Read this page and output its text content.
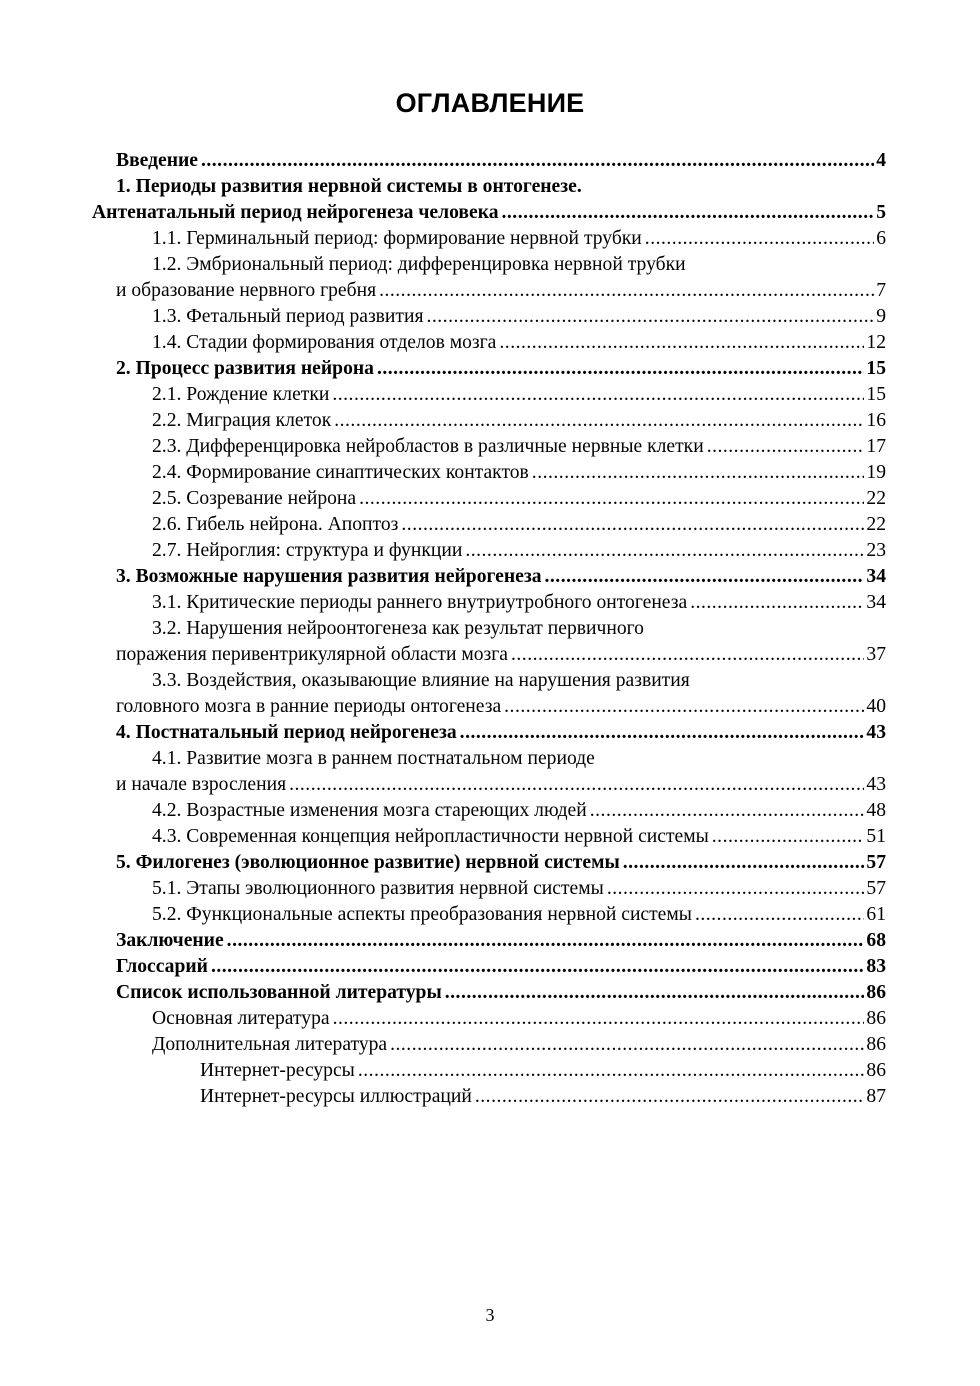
ОГЛАВЛЕНИЕ
Введение .....	4
1. Периоды развития нервной системы в онтогенезе.
Антенатальный период нейрогенеза человека .....	5
1.1. Герминальный период: формирование нервной трубки .....	6
1.2. Эмбриональный период: дифференцировка нервной трубки
и образование нервного гребня .....	7
1.3. Фетальный период развития .....	9
1.4. Стадии формирования отделов мозга .....	12
2. Процесс развития нейрона .....	15
2.1. Рождение клетки .....	15
2.2. Миграция клеток .....	16
2.3. Дифференцировка нейробластов в различные нервные клетки .....	17
2.4. Формирование синаптических контактов .....	19
2.5. Созревание нейрона .....	22
2.6. Гибель нейрона. Апоптоз .....	22
2.7. Нейроглия: структура и функции .....	23
3. Возможные нарушения развития нейрогенеза .....	34
3.1. Критические периоды раннего внутриутробного онтогенеза .....	34
3.2. Нарушения нейроонтогенеза как результат первичного
поражения перивентрикулярной области мозга .....	37
3.3. Воздействия, оказывающие влияние на нарушения развития
головного мозга в ранние периоды онтогенеза .....	40
4. Постнатальный период нейрогенеза .....	43
4.1. Развитие мозга в раннем постнатальном периоде
и начале взросления .....	43
4.2. Возрастные изменения мозга стареющих людей .....	48
4.3. Современная концепция нейропластичности нервной системы .....	51
5. Филогенез (эволюционное развитие) нервной системы .....	57
5.1. Этапы эволюционного развития нервной системы .....	57
5.2. Функциональные аспекты преобразования нервной системы .....	61
Заключение .....	68
Глоссарий .....	83
Список использованной литературы .....	86
Основная литература .....	86
Дополнительная литература .....	86
Интернет-ресурсы .....	86
Интернет-ресурсы иллюстраций .....	87
3
